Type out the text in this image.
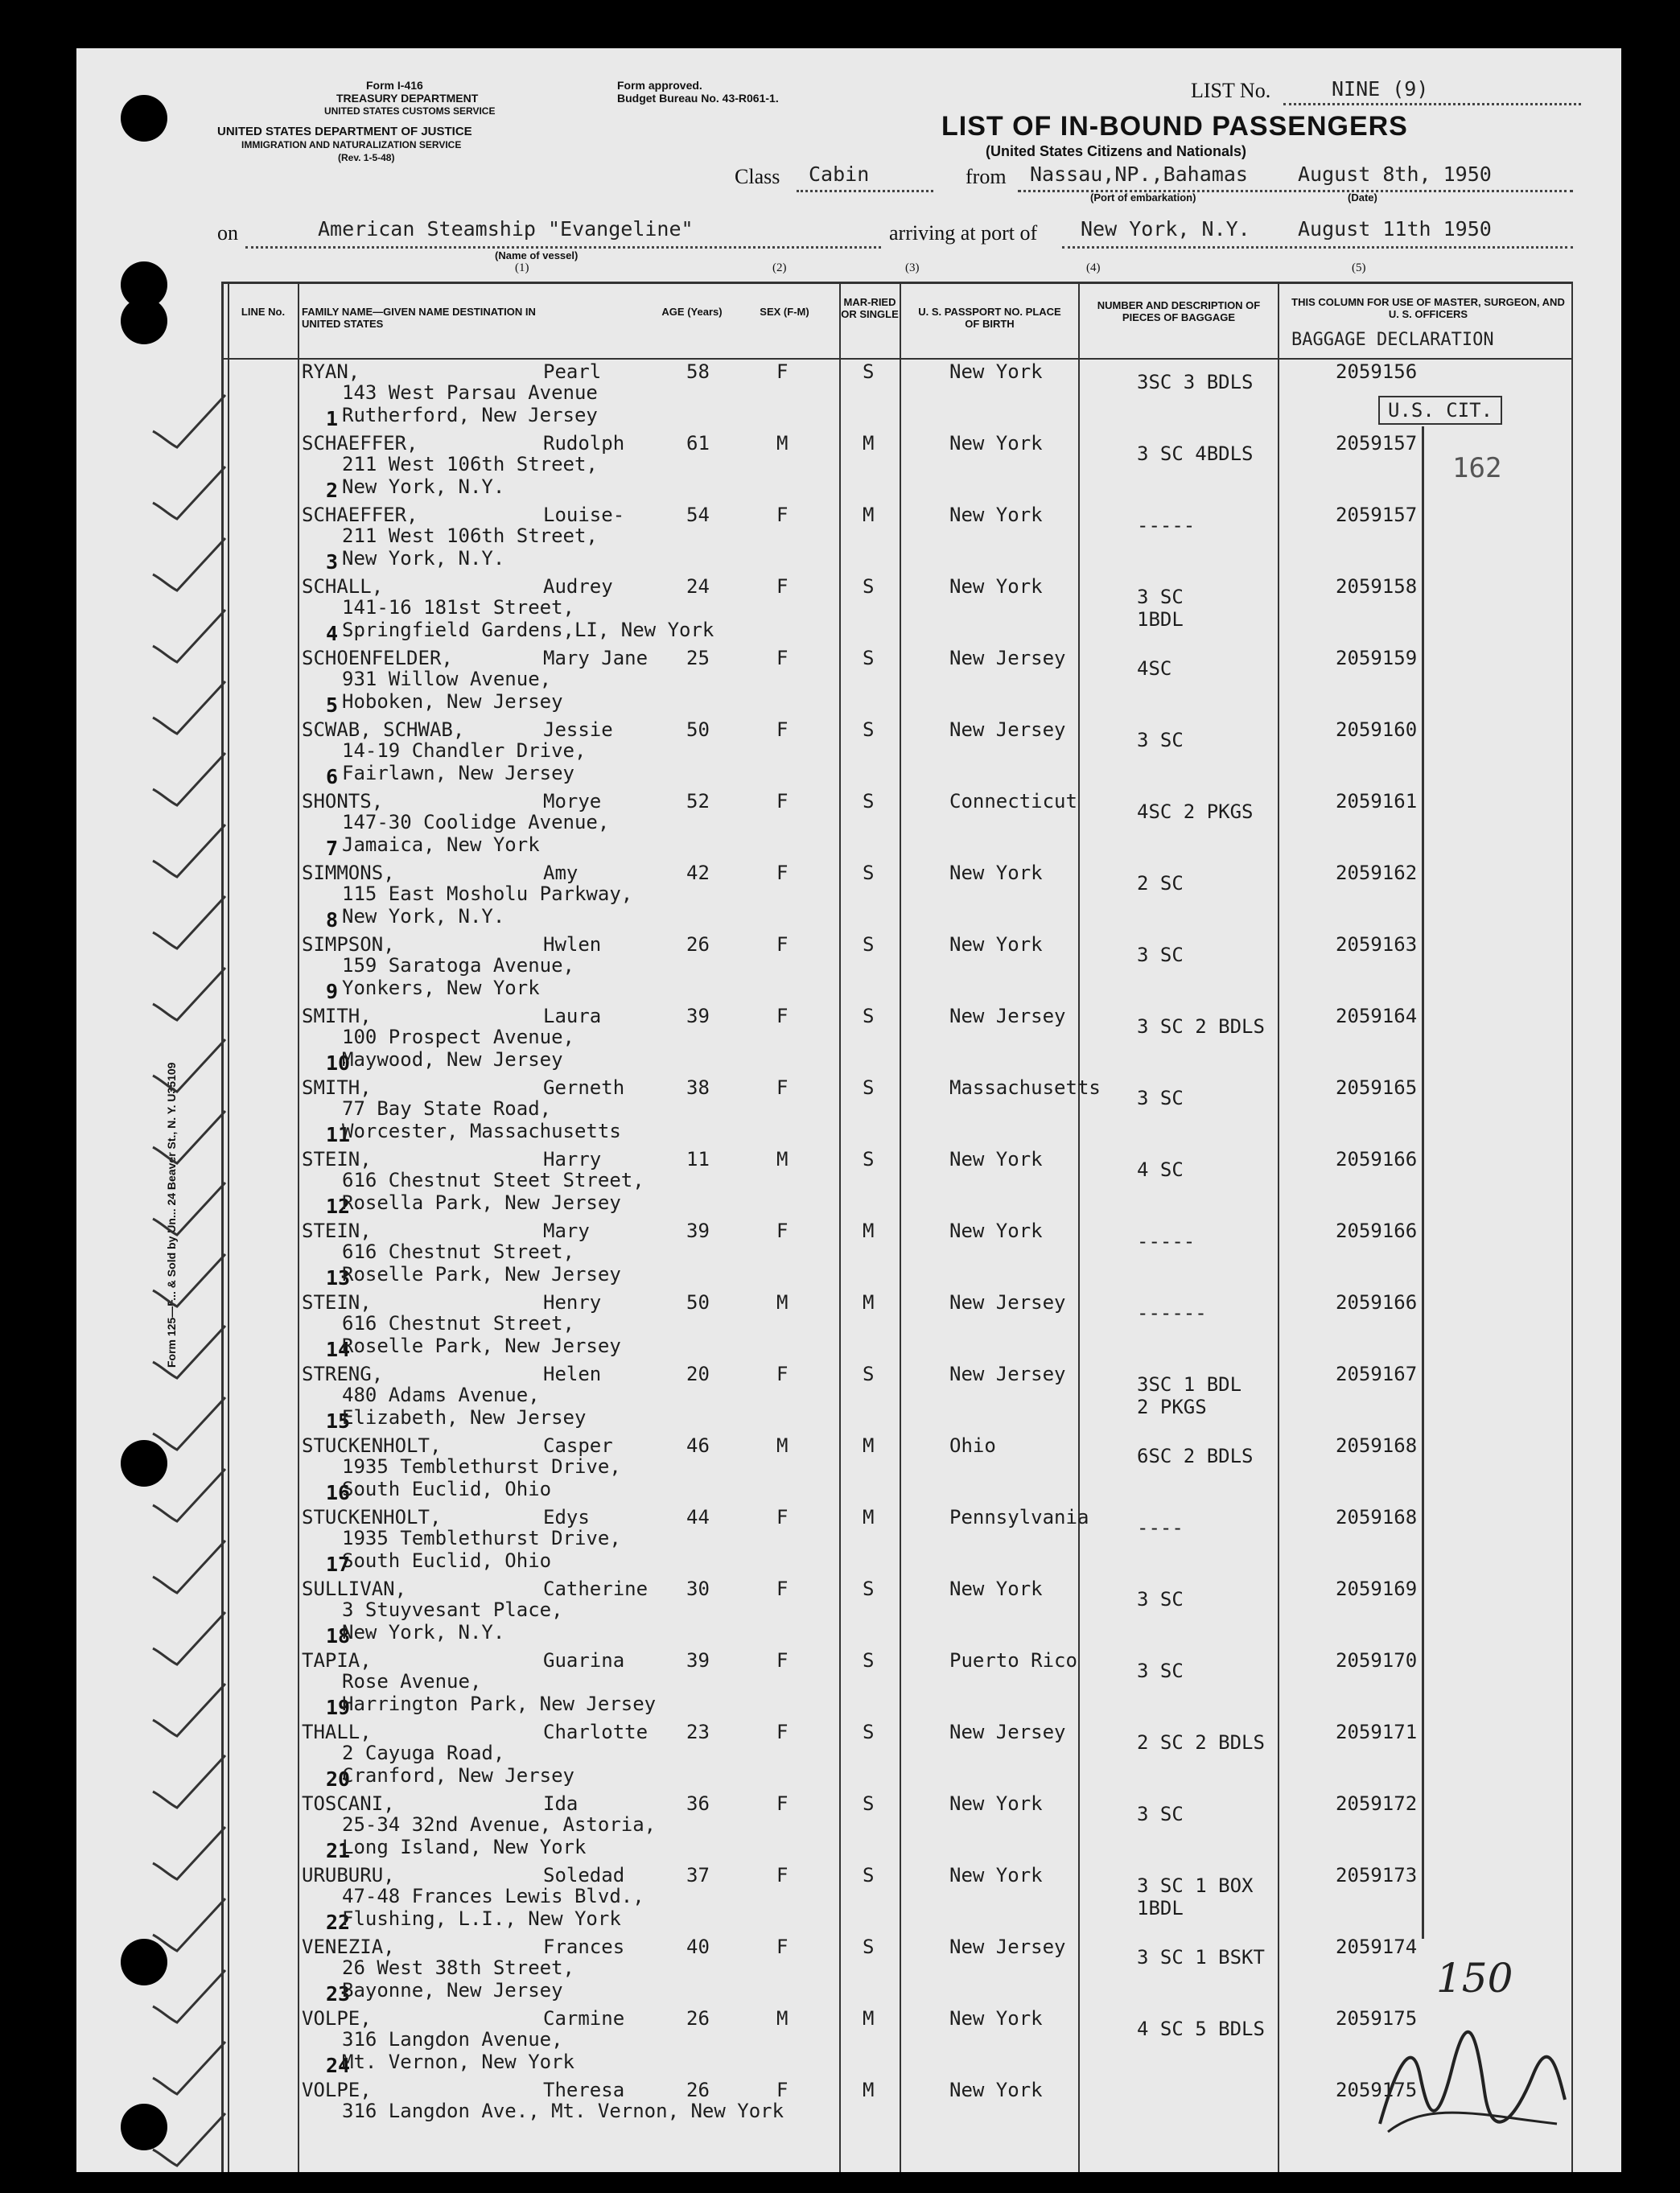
Form I-416
TREASURY DEPARTMENT
UNITED STATES CUSTOMS SERVICE
UNITED STATES DEPARTMENT OF JUSTICE
IMMIGRATION AND NATURALIZATION SERVICE
(Rev. 1-5-48)
Form approved.
Budget Bureau No. 43-R061-1.
LIST OF IN-BOUND PASSENGERS
(United States Citizens and Nationals)
LIST No.	NINE (9)
Class Cabin	from Nassau,NP.,Bahamas August 8th, 1950
(Port of embarkation)	(Date)
on	American Steamship "Evangeline"
(Name of vessel)
arriving at port of New York, N.Y. August 11th 1950
(1)	(2)	(3)	(4)	(5)
Form 125—F... & Sold by Un... 24 Beaver St., N. Y. U35109
LINE No.	FAMILY NAME—GIVEN NAME DESTINATION IN UNITED STATES
AGE (Years)	SEX (F-M)
MAR-RIED OR SINGLE	U. S. PASSPORT NO. PLACE OF BIRTH
NUMBER AND DESCRIPTION OF PIECES OF BAGGAGE
THIS COLUMN FOR USE OF MASTER, SURGEON, AND U. S. OFFICERS
BAGGAGE DECLARATION
1
RYAN,	Pearl	58	F	S	New York
143 West Parsau Avenue
Rutherford, New Jersey
3SC 3 BDLS	2059156
2
SCHAEFFER,	Rudolph	61	M	M	New York
211 West 106th Street,
New York, N.Y.
3 SC 4BDLS	2059157
3
SCHAEFFER,	Louise-	54	F	M	New York
211 West 106th Street,
New York, N.Y.
-----	2059157
4
SCHALL,	Audrey	24	F	S	New York
141-16 181st Street,
Springfield Gardens,LI, New York
3 SC
1BDL
2059158
5
SCHOENFELDER,	Mary Jane 25	F	S	New Jersey
931 Willow Avenue,
Hoboken, New Jersey
4SC	2059159
6
SCWAB, SCHWAB,	Jessie	50	F	S	New Jersey
14-19 Chandler Drive,
Fairlawn, New Jersey
3 SC	2059160
7
SHONTS,	Morye	52	F	S	Connecticut
147-30 Coolidge Avenue,
Jamaica, New York
4SC 2 PKGS	2059161
8
SIMMONS,	Amy	42	F	S	New York
115 East Mosholu Parkway,
New York, N.Y.
2 SC	2059162
9
SIMPSON,	Hwlen	26	F	S	New York
159 Saratoga Avenue,
Yonkers, New York
3 SC	2059163
10
SMITH,	Laura	39	F	S	New Jersey
100 Prospect Avenue,
Maywood, New Jersey
3 SC 2 BDLS	2059164
11
SMITH,	Gerneth	38	F	S	Massachusetts
77 Bay State Road,
Worcester, Massachusetts
3 SC	2059165
12
STEIN,	Harry	11	M	S	New York
616 Chestnut Steet Street,
Rosella Park, New Jersey
4 SC	2059166
13
STEIN,	Mary	39	F	M	New York
616 Chestnut Street,
Roselle Park, New Jersey
-----	2059166
14
STEIN,	Henry	50	M	M	New Jersey
616 Chestnut Street,
Roselle Park, New Jersey
------	2059166
15
STRENG,	Helen	20	F	S	New Jersey
480 Adams Avenue,
Elizabeth, New Jersey
3SC 1 BDL
2 PKGS
2059167
16
STUCKENHOLT,	Casper	46	M	M	Ohio
1935 Temblethurst Drive,
South Euclid, Ohio
6SC 2 BDLS	2059168
17
STUCKENHOLT,	Edys	44	F	M	Pennsylvania
1935 Temblethurst Drive,
South Euclid, Ohio
----	2059168
18
SULLIVAN,	Catherine 30	F	S	New York
3 Stuyvesant Place,
New York, N.Y.
3 SC	2059169
19
TAPIA,	Guarina	39	F	S	Puerto Rico
Rose Avenue,
Harrington Park, New Jersey
3 SC	2059170
20
THALL,	Charlotte 23	F	S	New Jersey
2 Cayuga Road,
Cranford, New Jersey
2 SC 2 BDLS	2059171
21
TOSCANI,	Ida	36	F	S	New York
25-34 32nd Avenue, Astoria,
Long Island, New York
3 SC	2059172
22
URUBURU,	Soledad	37	F	S	New York
47-48 Frances Lewis Blvd.,
Flushing, L.I., New York
3 SC 1 BOX
1BDL
2059173
23
VENEZIA,	Frances	40	F	S	New Jersey
26 West 38th Street,
Bayonne, New Jersey
3 SC 1 BSKT	2059174
24
VOLPE,	Carmine	26	M	M	New York
316 Langdon Avenue,
Mt. Vernon, New York
4 SC 5 BDLS	2059175
VOLPE,	Theresa	26	F	M	New York
316 Langdon Ave., Mt. Vernon, New York
2059175
U.S. CIT.
162
150
